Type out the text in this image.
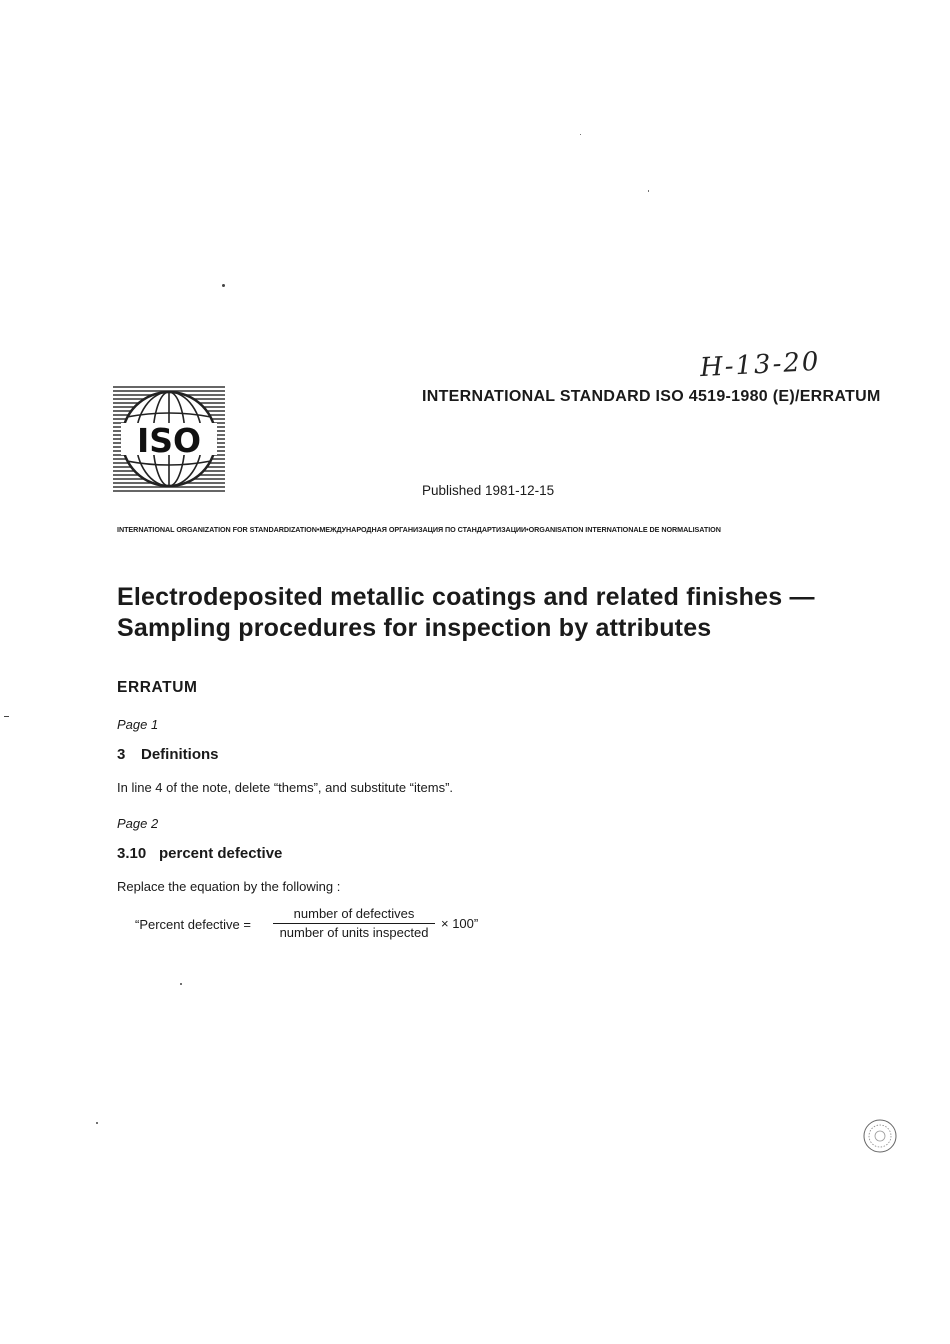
H-13-20
ISO
INTERNATIONAL STANDARD ISO 4519-1980 (E)/ERRATUM
Published 1981-12-15
INTERNATIONAL ORGANIZATION FOR STANDARDIZATION•МЕЖДУНАРОДНАЯ ОРГАНИЗАЦИЯ ПО СТАНДАРТИЗАЦИИ•ORGANISATION INTERNATIONALE DE NORMALISATION
Electrodeposited metallic coatings and related finishes —
Sampling procedures for inspection by attributes
ERRATUM
Page 1
3 Definitions
In line 4 of the note, delete “thems”, and substitute “items”.
Page 2
3.10 percent defective
Replace the equation by the following :
“Percent defective =
number of defectives
number of units inspected
× 100”
